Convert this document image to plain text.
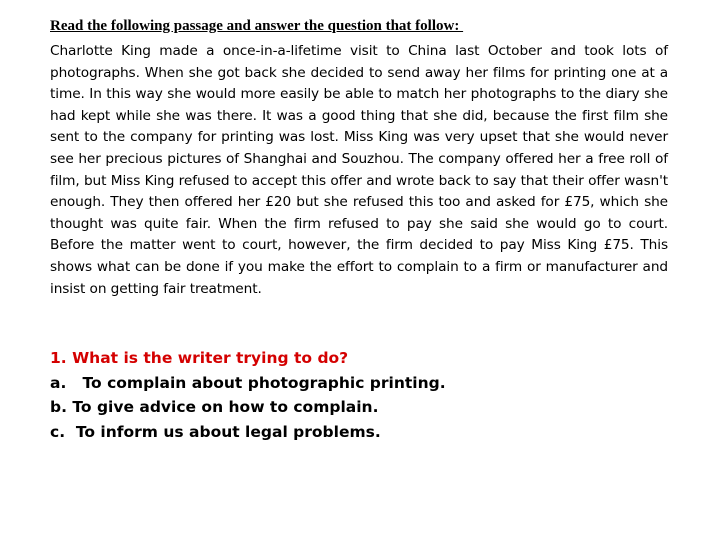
Read the following passage and answer the question that follow:
Charlotte King made a once-in-a-lifetime visit to China last October and took lots of photographs. When she got back she decided to send away her films for printing one at a time. In this way she would more easily be able to match her photographs to the diary she had kept while she was there. It was a good thing that she did, because the first film she sent to the company for printing was lost. Miss King was very upset that she would never see her precious pictures of Shanghai and Souzhou. The company offered her a free roll of film, but Miss King refused to accept this offer and wrote back to say that their offer wasn't enough. They then offered her £20 but she refused this too and asked for £75, which she thought was quite fair. When the firm refused to pay she said she would go to court. Before the matter went to court, however, the firm decided to pay Miss King £75. This shows what can be done if you make the effort to complain to a firm or manufacturer and insist on getting fair treatment.
1. What is the writer trying to do?
a.   To complain about photographic printing.
b. To give advice on how to complain.
c.  To inform us about legal problems.
